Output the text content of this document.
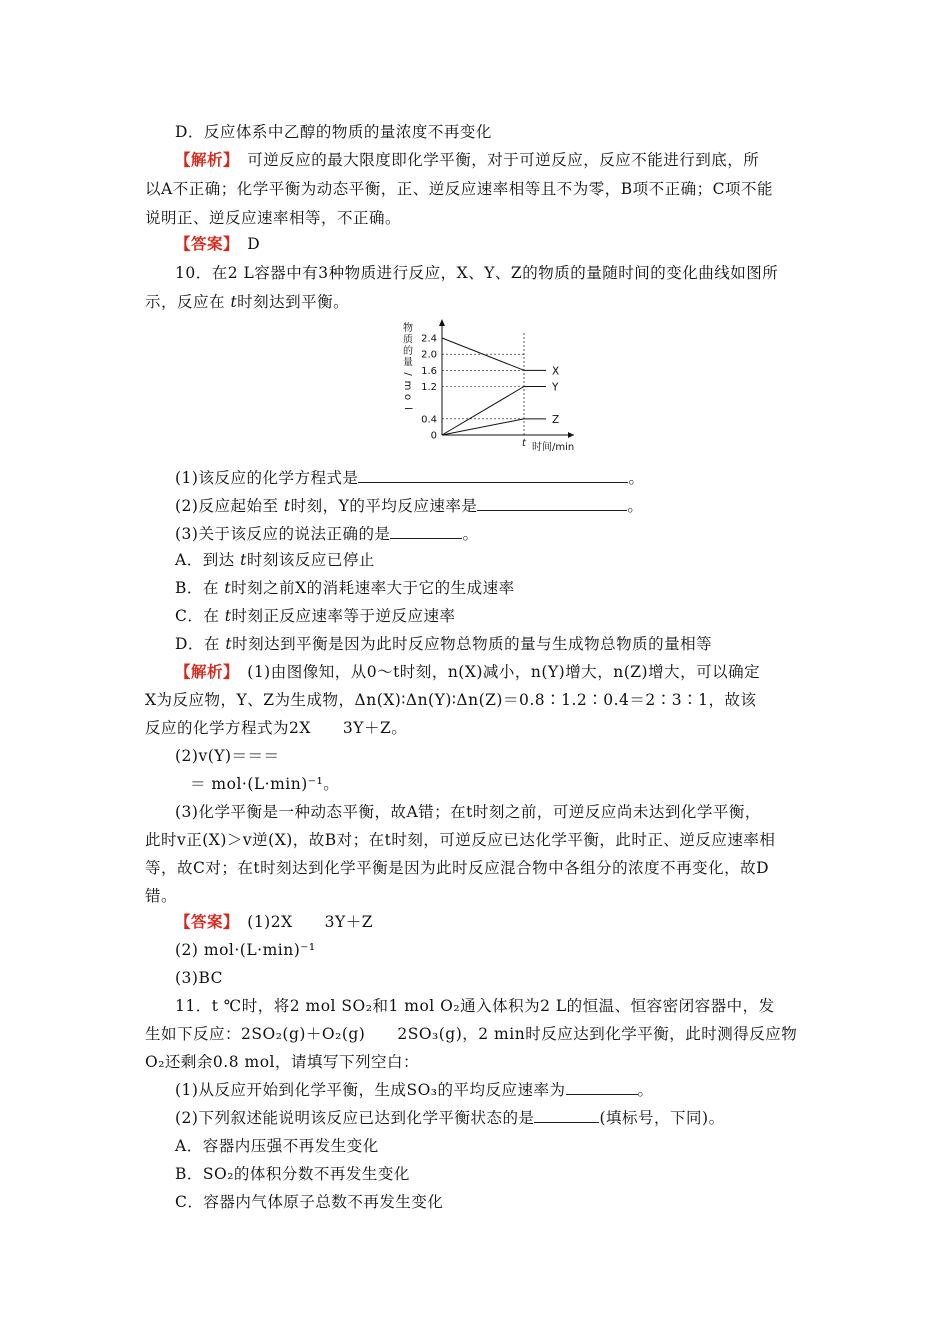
D．反应体系中乙醇的物质的量浓度不再变化
【解析】　可逆反应的最大限度即化学平衡，对于可逆反应，反应不能进行到底，所
以A不正确；化学平衡为动态平衡，正、逆反应速率相等且不为零，B项不正确；C项不能
说明正、逆反应速率相等，不正确。
【答案】　D
10．在2 L容器中有3种物质进行反应，X、Y、Z的物质的量随时间的变化曲线如图所
示，反应在 t时刻达到平衡。
2.4
2.0
1.6
1.2
0.4
0
t 时间/min
物
质
的
量
/
m
o
l
X
Y
Z
(1)该反应的化学方程式是	。
(2)反应起始至 t时刻，Y的平均反应速率是	。
(3)关于该反应的说法正确的是	。
A．到达 t时刻该反应已停止
B．在 t时刻之前X的消耗速率大于它的生成速率
C．在 t时刻正反应速率等于逆反应速率
D．在 t时刻达到平衡是因为此时反应物总物质的量与生成物总物质的量相等
【解析】　(1)由图像知，从0～t时刻，n(X)减小，n(Y)增大，n(Z)增大，可以确定
X为反应物，Y、Z为生成物，Δn(X)∶Δn(Y)∶Δn(Z)＝0.8∶1.2∶0.4＝2∶3∶1，故该
反应的化学方程式为2X　　3Y＋Z。
(2)v(Y)＝＝＝
＝ mol·(L·min)⁻¹。
(3)化学平衡是一种动态平衡，故A错；在t时刻之前，可逆反应尚未达到化学平衡，
此时v正(X)＞v逆(X)，故B对；在t时刻，可逆反应已达化学平衡，此时正、逆反应速率相
等，故C对；在t时刻达到化学平衡是因为此时反应混合物中各组分的浓度不再变化，故D
错。
【答案】　(1)2X　　3Y＋Z
(2) mol·(L·min)⁻¹
(3)BC
11．t ℃时，将2 mol SO₂和1 mol O₂通入体积为2 L的恒温、恒容密闭容器中，发
生如下反应：2SO₂(g)＋O₂(g)　　2SO₃(g)，2 min时反应达到化学平衡，此时测得反应物
O₂还剩余0.8 mol，请填写下列空白：
(1)从反应开始到化学平衡，生成SO₃的平均反应速率为	。
(2)下列叙述能说明该反应已达到化学平衡状态的是	(填标号，下同)。
A．容器内压强不再发生变化
B．SO₂的体积分数不再发生变化
C．容器内气体原子总数不再发生变化
